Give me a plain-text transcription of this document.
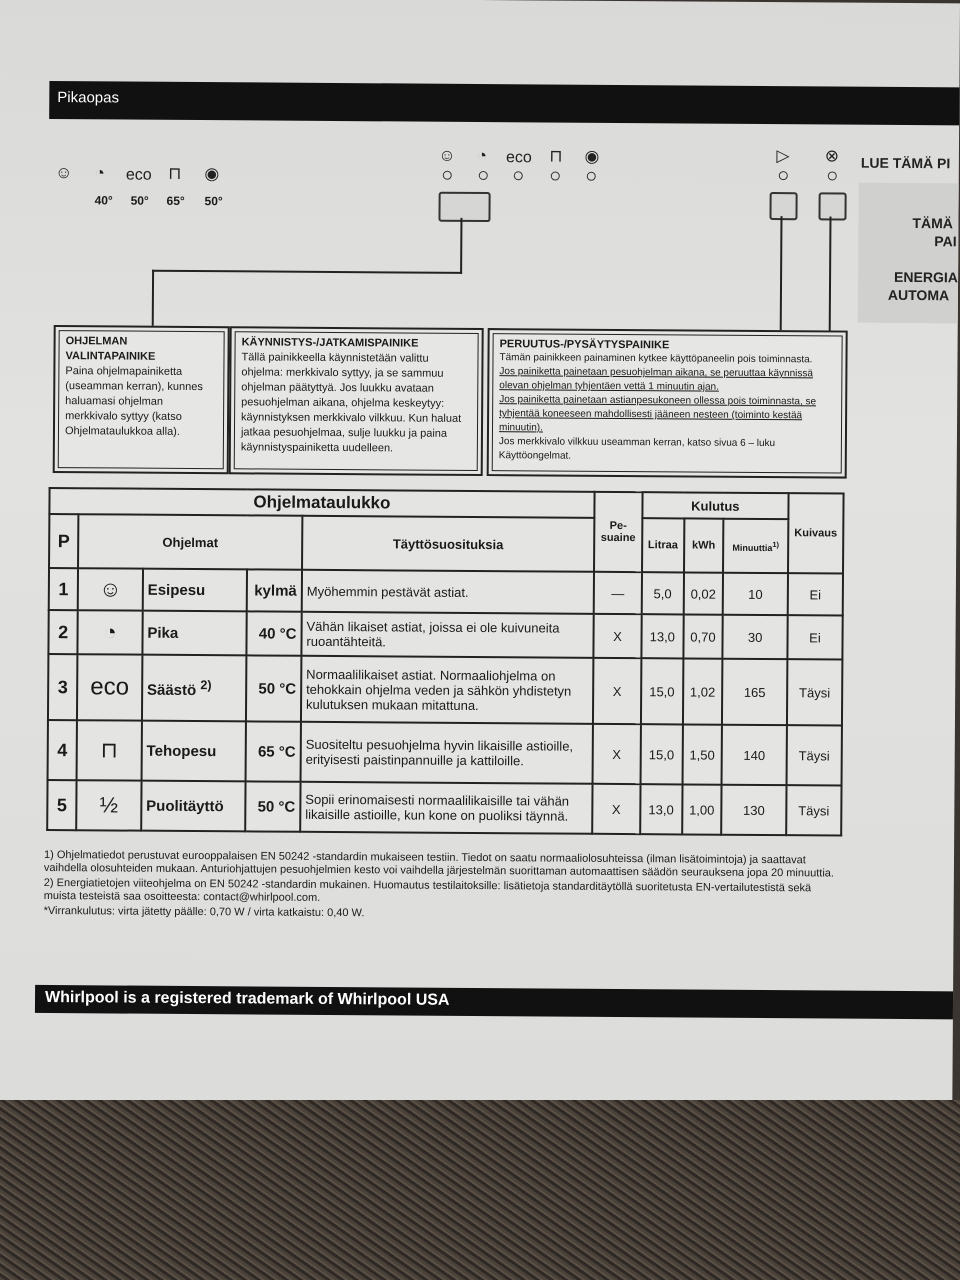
Pikaopas
☺	◔	eco ⊓ ◉
40° 50° 65° 50°
☺	◔	eco ⊓ ◉	▷ ⊗ LUE TÄMÄ PI
TÄMÄ
PAI
ENERGIA
AUTOMA
OHJELMAN
VALINTAPAINIKE
Paina ohjelmapainiketta (useamman kerran), kunnes haluamasi ohjelman merkkivalo syttyy (katso Ohjelmataulukkoa alla).
KÄYNNISTYS-/JATKAMISPAINIKE
Tällä painikkeella käynnistetään valittu ohjelma: merkkivalo syttyy, ja se sammuu ohjelman päätyttyä. Jos luukku avataan pesuohjelman aikana, ohjelma keskeytyy: käynnistyksen merkkivalo vilkkuu. Kun haluat jatkaa pesuohjelmaa, sulje luukku ja paina käynnistyspainiketta uudelleen.
PERUUTUS-/PYSÄYTYSPAINIKE
Tämän painikkeen painaminen kytkee käyttöpaneelin pois toiminnasta.
Jos painiketta painetaan pesuohjelman aikana, se peruuttaa käynnissä olevan ohjelman tyhjentäen vettä 1 minuutin ajan.
Jos painiketta painetaan astianpesukoneen ollessa pois toiminnasta, se tyhjentää koneeseen mahdollisesti jääneen nesteen (toiminto kestää minuutin).
Jos merkkivalo vilkkuu useamman kerran, katso sivua 6 – luku Käyttöongelmat.
Ohjelmataulukko					Pe-suaine	Kulutus			Kuivaus
P	Ohjelmat			Täyttösuosituksia		Litraa	kWh	Minuuttia$^{1)}$
1	☺	Esipesu	kylmä	Myöhemmin pestävät astiat.	—	5,0	0,02	10	Ei
2	◔	Pika	40 °C	Vähän likaiset astiat, joissa ei ole kuivuneita ruoantähteitä.	X	13,0	0,70	30	Ei
3	eco	Säästö $^{2)}$	50 °C	Normaalilikaiset astiat. Normaaliohjelma on tehokkain ohjelma veden ja sähkön yhdistetyn kulutuksen mukaan mitattuna.	X	15,0	1,02	165	Täysi
4	⊓	Tehopesu	65 °C	Suositeltu pesuohjelma hyvin likaisille astioille, erityisesti paistinpannuille ja kattiloille.	X	15,0	1,50	140	Täysi
5	½	Puolitäyttö	50 °C	Sopii erinomaisesti normaalilikaisille tai vähän likaisille astioille, kun kone on puoliksi täynnä.	X	13,0	1,00	130	Täysi
1) Ohjelmatiedot perustuvat eurooppalaisen EN 50242 -standardin mukaiseen testiin. Tiedot on saatu normaaliolosuhteissa (ilman lisätoimintoja) ja saattavat vaihdella olosuhteiden mukaan. Anturiohjattujen pesuohjelmien kesto voi vaihdella järjestelmän suorittaman automaattisen säädön seurauksena jopa 20 minuuttia.
2) Energiatietojen viiteohjelma on EN 50242 -standardin mukainen. Huomautus testilaitoksille: lisätietoja standarditäytöllä suoritetusta EN-vertailutestistä sekä muista testeistä saa osoitteesta: contact@whirlpool.com.
*Virrankulutus: virta jätetty päälle: 0,70 W / virta katkaistu: 0,40 W.
Whirlpool is a registered trademark of Whirlpool USA
